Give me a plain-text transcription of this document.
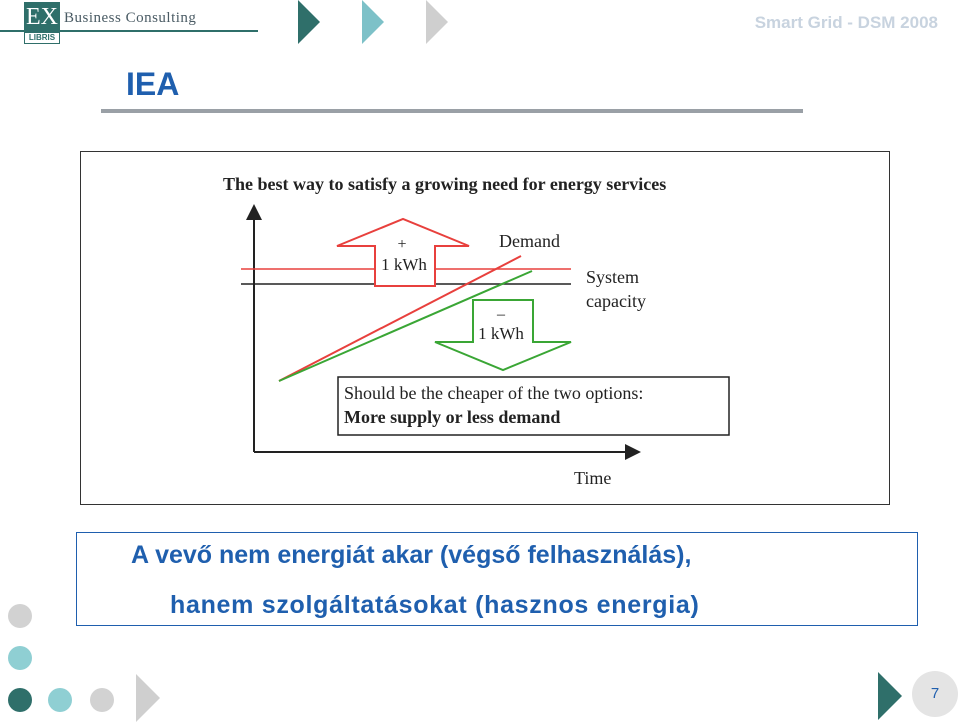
EX
LIBRIS
Business Consulting	Smart Grid - DSM 2008
IEA
The best way to satisfy a growing need for energy services
Time
Demand
System
capacity
+
1 kWh
–
1 kWh
Should be the cheaper of the two options:
More supply or less demand
A vevő nem energiát akar (végső felhasználás),
hanem szolgáltatásokat (hasznos energia)
7
